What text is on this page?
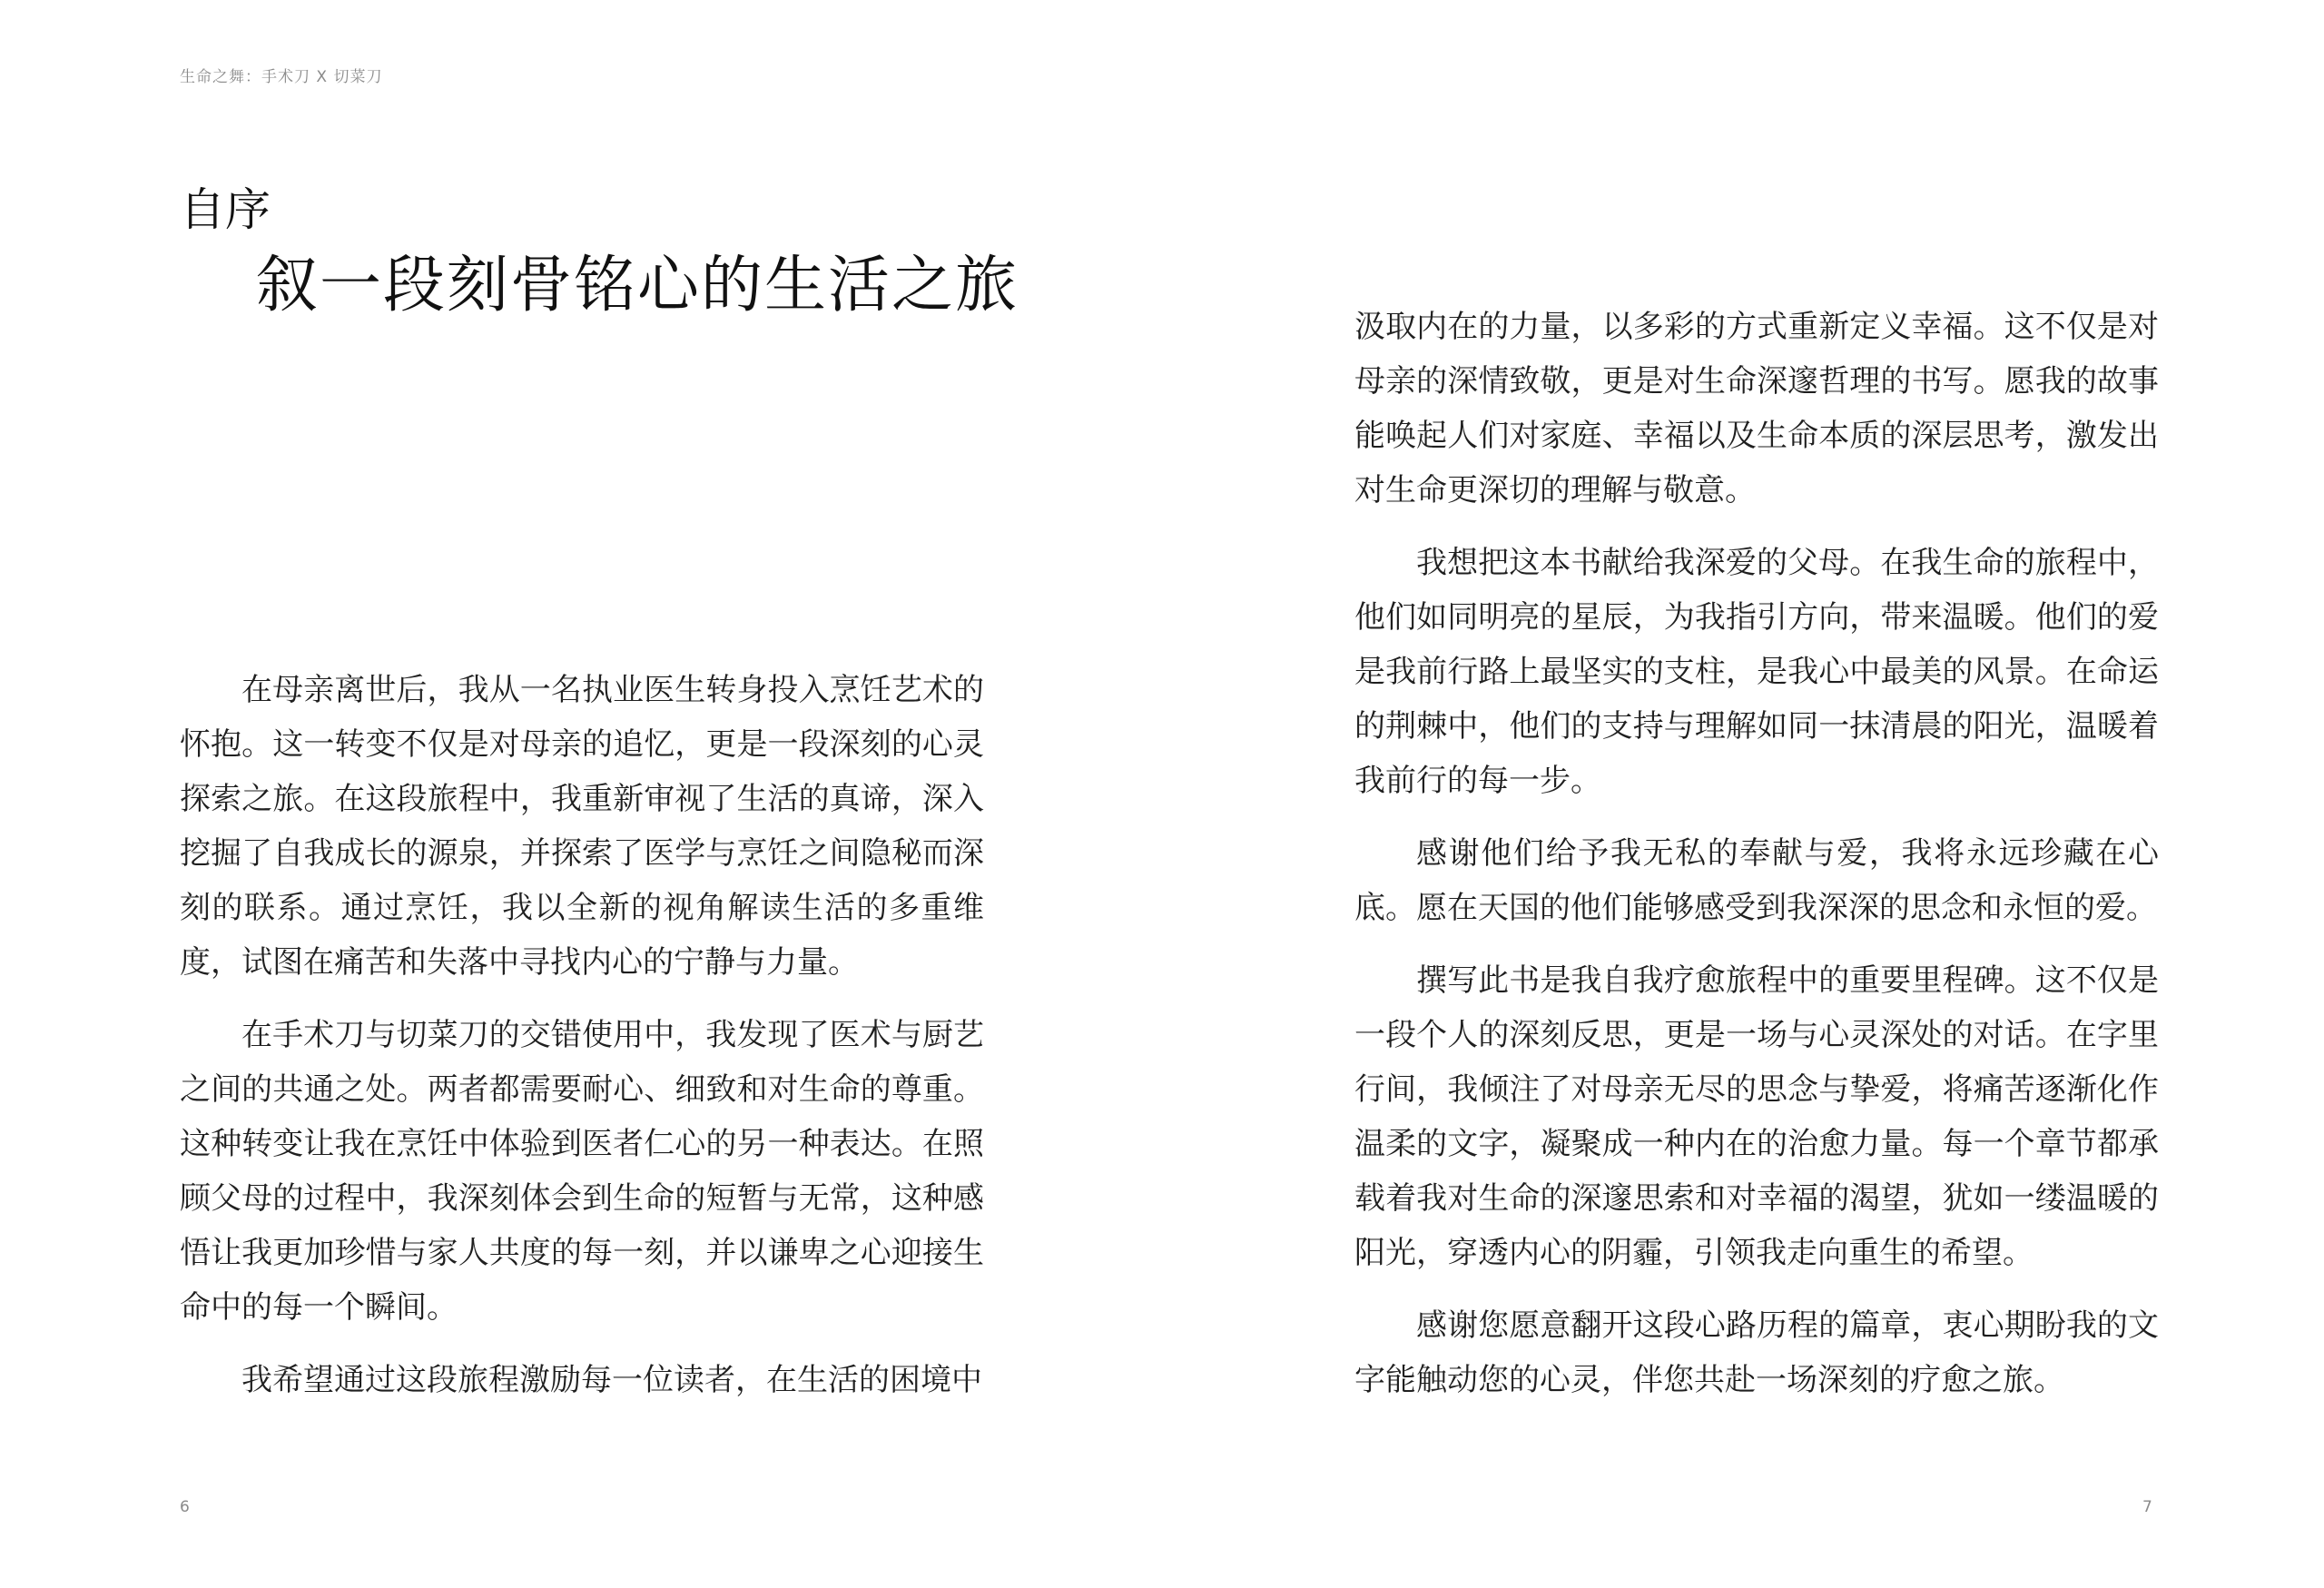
生命之舞：手术刀 X 切菜刀
自序
叙一段刻骨铭心的生活之旅

在母亲离世后，我从一名执业医生转身投入烹饪艺术的怀抱。这一转变不仅是对母亲的追忆，更是一段深刻的心灵探索之旅。在这段旅程中，我重新审视了生活的真谛，深入挖掘了自我成长的源泉，并探索了医学与烹饪之间隐秘而深刻的联系。通过烹饪，我以全新的视角解读生活的多重维度，试图在痛苦和失落中寻找内心的宁静与力量。

在手术刀与切菜刀的交错使用中，我发现了医术与厨艺之间的共通之处。两者都需要耐心、细致和对生命的尊重。这种转变让我在烹饪中体验到医者仁心的另一种表达。在照顾父母的过程中，我深刻体会到生命的短暂与无常，这种感悟让我更加珍惜与家人共度的每一刻，并以谦卑之心迎接生命中的每一个瞬间。

我希望通过这段旅程激励每一位读者，在生活的困境中

6

汲取内在的力量，以多彩的方式重新定义幸福。这不仅是对母亲的深情致敬，更是对生命深邃哲理的书写。愿我的故事能唤起人们对家庭、幸福以及生命本质的深层思考，激发出对生命更深切的理解与敬意。

我想把这本书献给我深爱的父母。在我生命的旅程中，他们如同明亮的星辰，为我指引方向，带来温暖。他们的爱是我前行路上最坚实的支柱，是我心中最美的风景。在命运的荆棘中，他们的支持与理解如同一抹清晨的阳光，温暖着我前行的每一步。

感谢他们给予我无私的奉献与爱，我将永远珍藏在心底。愿在天国的他们能够感受到我深深的思念和永恒的爱。

撰写此书是我自我疗愈旅程中的重要里程碑。这不仅是一段个人的深刻反思，更是一场与心灵深处的对话。在字里行间，我倾注了对母亲无尽的思念与挚爱，将痛苦逐渐化作温柔的文字，凝聚成一种内在的治愈力量。每一个章节都承载着我对生命的深邃思索和对幸福的渴望，犹如一缕温暖的阳光，穿透内心的阴霾，引领我走向重生的希望。

感谢您愿意翻开这段心路历程的篇章，衷心期盼我的文字能触动您的心灵，伴您共赴一场深刻的疗愈之旅。

7
